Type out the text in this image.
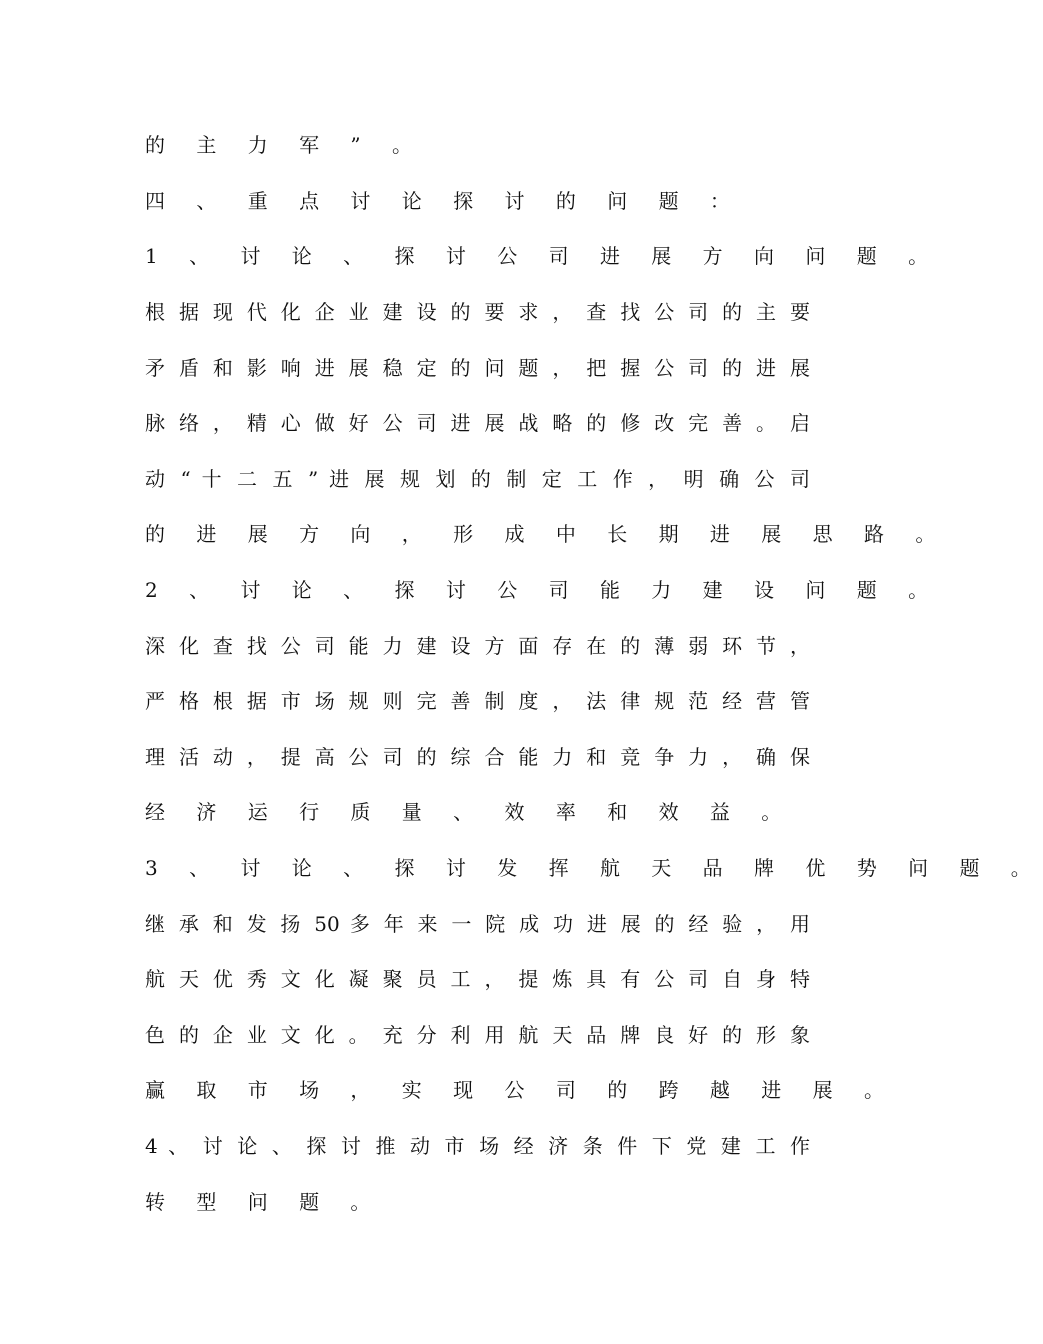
的 主 力 军 ” 。
四 、 重 点 讨 论 探 讨 的 问 题 ：
1 、 讨 论 、 探 讨 公 司 进 展 方 向 问 题 。
根 据 现 代 化 企 业 建 设 的 要 求 ， 查 找 公 司 的 主 要
矛 盾 和 影 响 进 展 稳 定 的 问 题 ， 把 握 公 司 的 进 展
脉 络 ， 精 心 做 好 公 司 进 展 战 略 的 修 改 完 善 。 启
动 “ 十 二 五 ” 进 展 规 划 的 制 定 工 作 ， 明 确 公 司
的 进 展 方 向 ， 形 成 中 长 期 进 展 思 路 。
2 、 讨 论 、 探 讨 公 司 能 力 建 设 问 题 。
深 化 查 找 公 司 能 力 建 设 方 面 存 在 的 薄 弱 环 节 ，
严 格 根 据 市 场 规 则 完 善 制 度 ， 法 律 规 范 经 营 管
理 活 动 ， 提 高 公 司 的 综 合 能 力 和 竞 争 力 ， 确 保
经 济 运 行 质 量 、 效 率 和 效 益 。
3 、 讨 论 、 探 讨 发 挥 航 天 品 牌 优 势 问 题 。
继 承 和 发 扬 50 多 年 来 一 院 成 功 进 展 的 经 验 ， 用
航 天 优 秀 文 化 凝 聚 员 工 ， 提 炼 具 有 公 司 自 身 特
色 的 企 业 文 化 。 充 分 利 用 航 天 品 牌 良 好 的 形 象
赢 取 市 场 ， 实 现 公 司 的 跨 越 进 展 。
4 、 讨 论 、 探 讨 推 动 市 场 经 济 条 件 下 党 建 工 作
转 型 问 题 。
